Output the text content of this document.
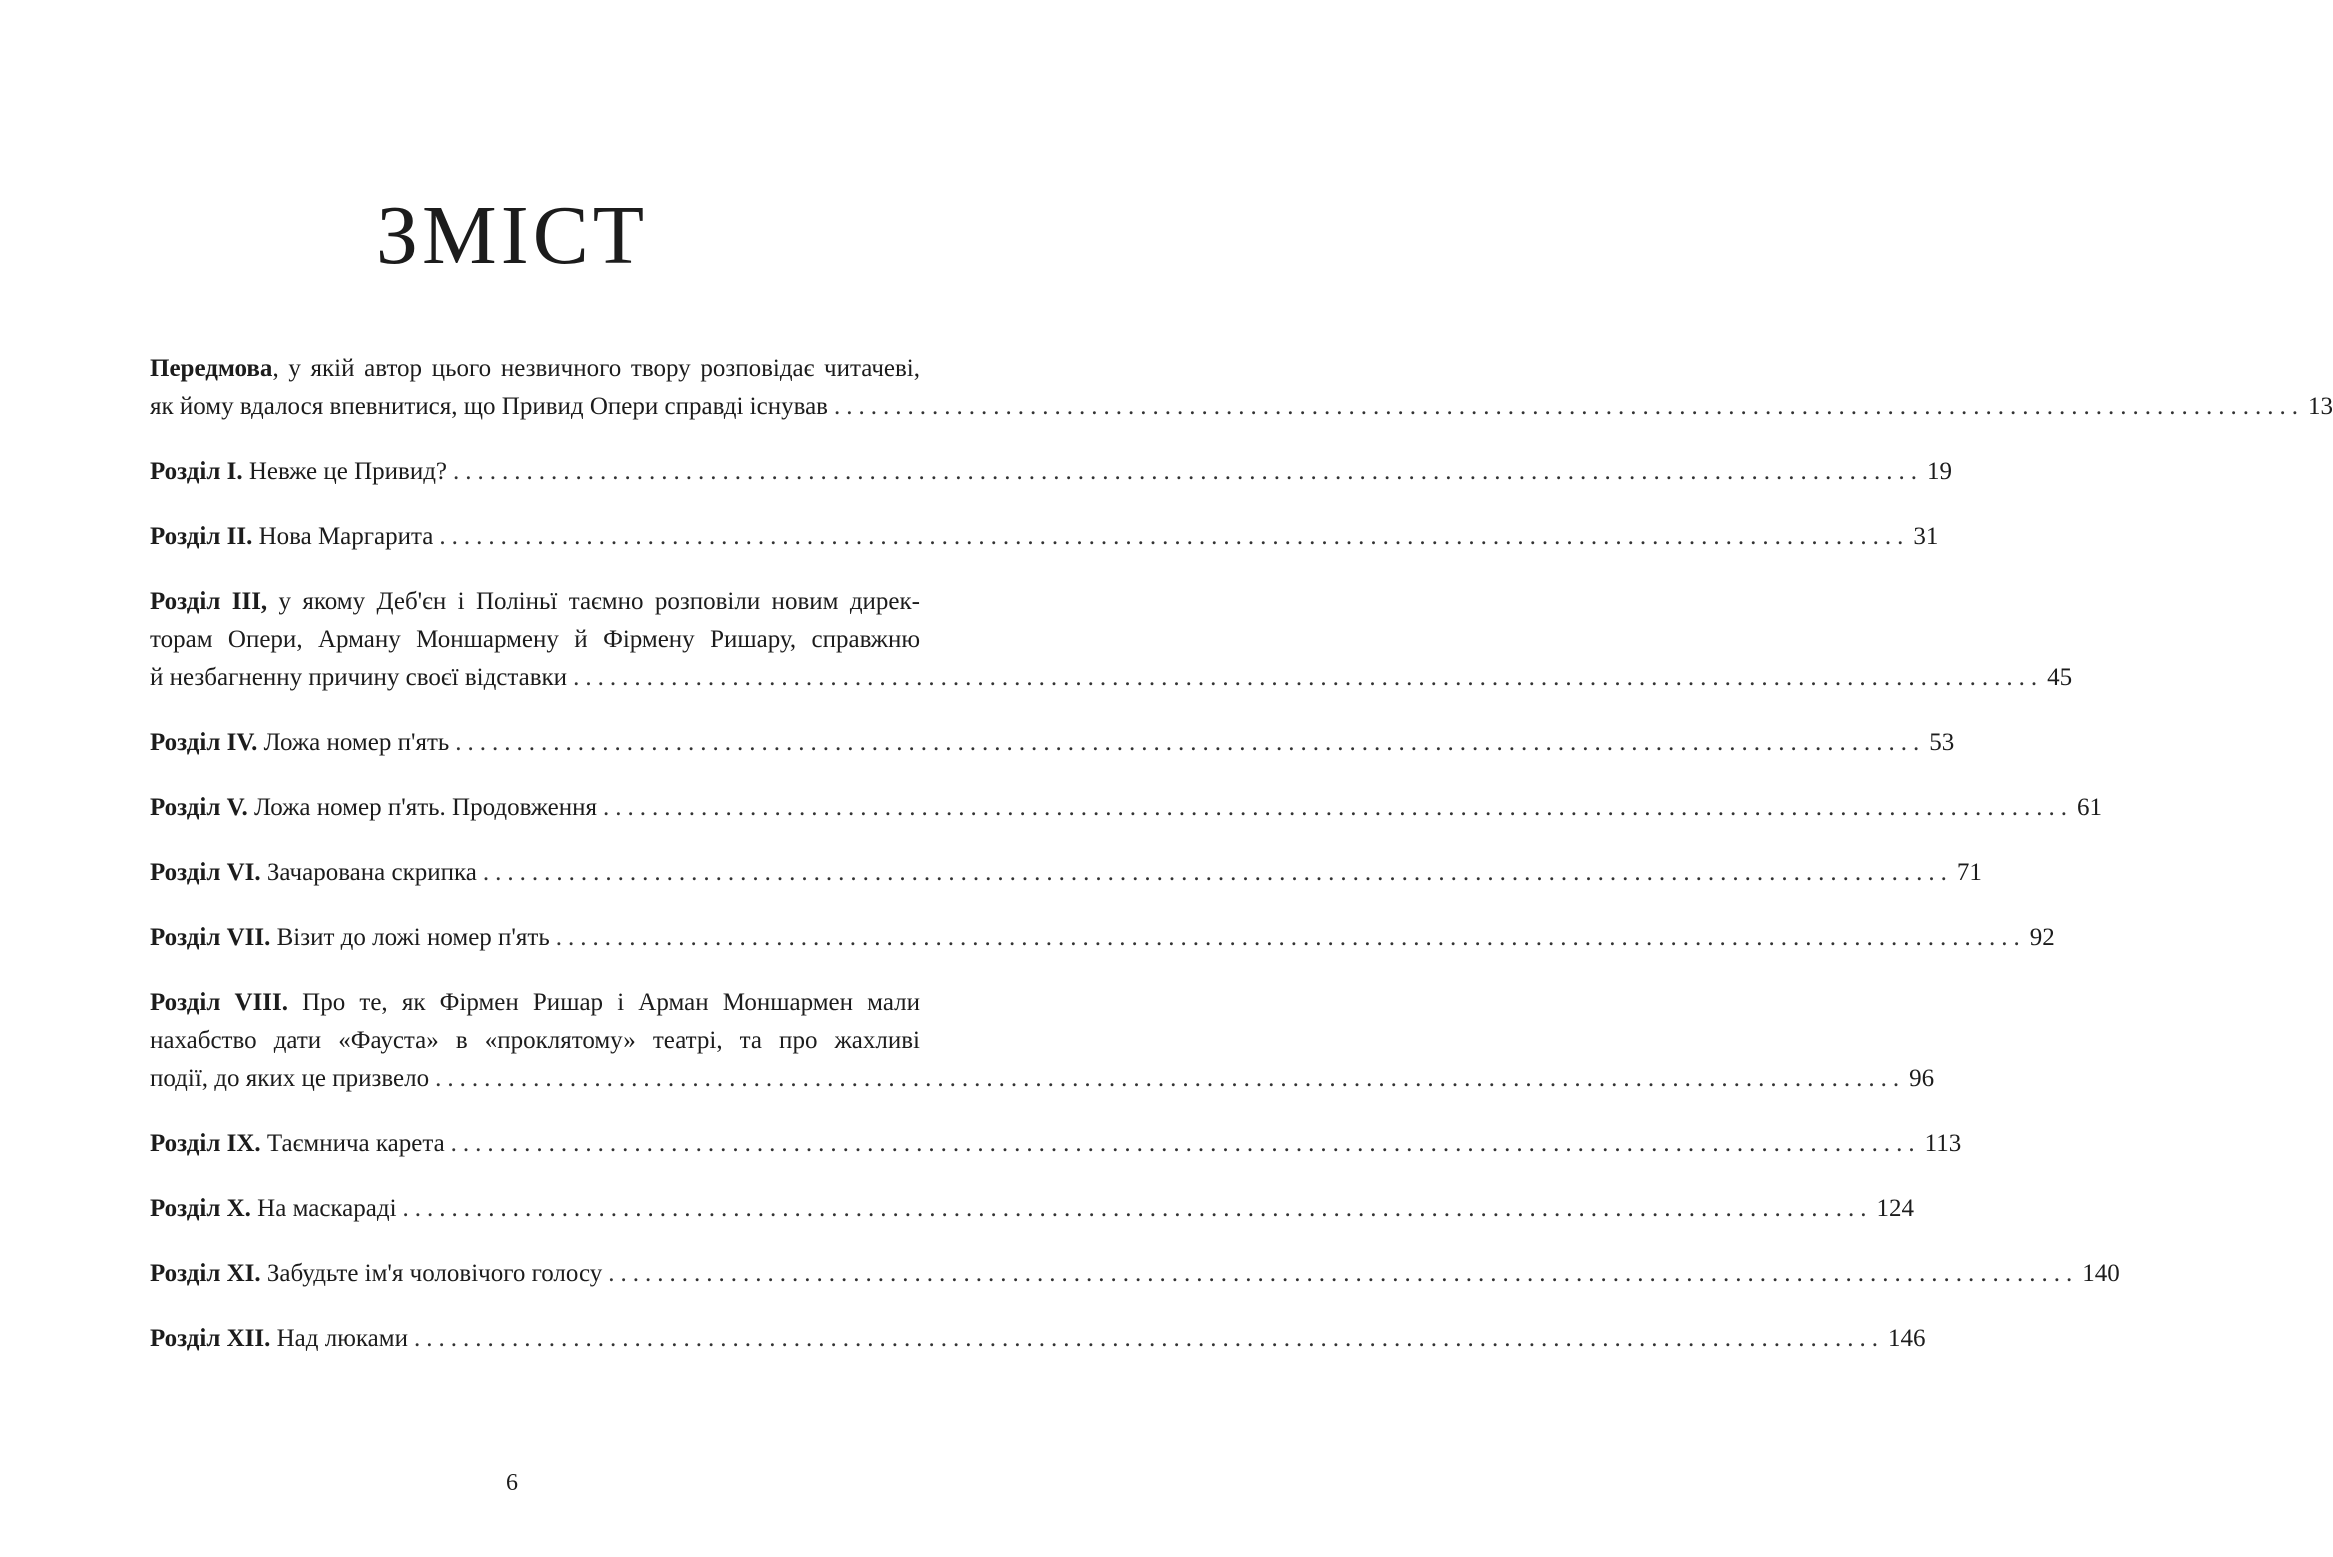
ЗМІСТ
Передмова, у якій автор цього незвичного твору розповідає читачеві,
як йому вдалося впевнитися, що Привид Опери справді існував ........................................................................................................................ 13
Розділ I. Невже це Привид? ........................................................................................................................ 19
Розділ II. Нова Маргарита ........................................................................................................................ 31
Розділ III, у якому Деб'єн і Поліньї таємно розповіли новим дирек-
торам Опери, Арману Моншармену й Фірмену Ришару, справжню
й незбагненну причину своєї відставки ........................................................................................................................ 45
Розділ IV. Ложа номер п'ять ........................................................................................................................ 53
Розділ V. Ложа номер п'ять. Продовження ........................................................................................................................ 61
Розділ VI. Зачарована скрипка ........................................................................................................................ 71
Розділ VII. Візит до ложі номер п'ять ........................................................................................................................ 92
Розділ VIII. Про те, як Фірмен Ришар і Арман Моншармен мали
нахабство дати «Фауста» в «проклятому» театрі, та про жахливі
події, до яких це призвело ........................................................................................................................ 96
Розділ IX. Таємнича карета ........................................................................................................................ 113
Розділ X. На маскараді ........................................................................................................................ 124
Розділ XI. Забудьте ім'я чоловічого голосу ........................................................................................................................ 140
Розділ XII. Над люками ........................................................................................................................ 146
6
